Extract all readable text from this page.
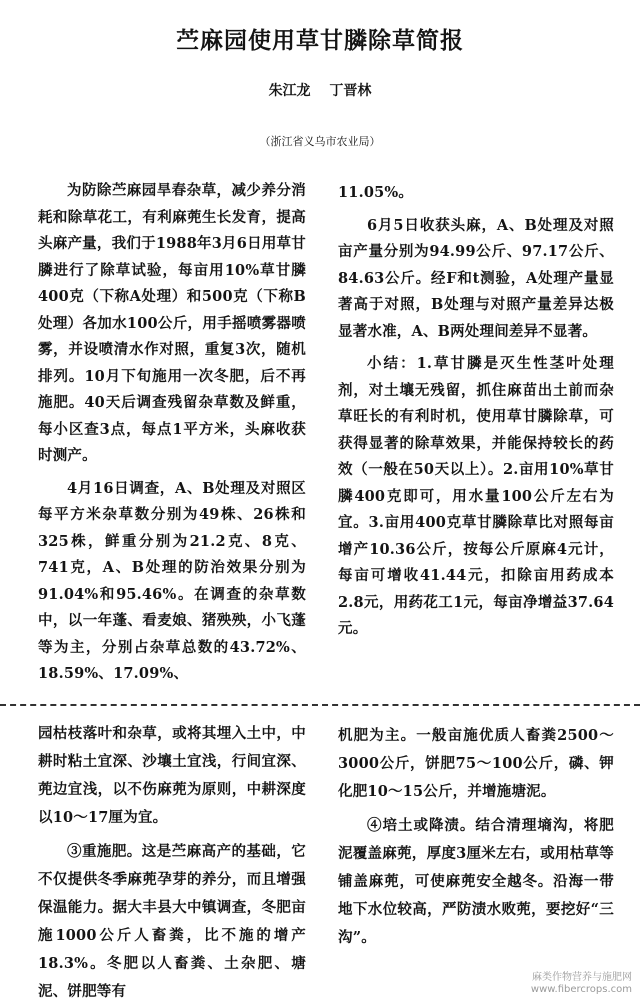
苎麻园使用草甘膦除草简报
朱江龙 丁晋林
（浙江省义乌市农业局）

为防除苎麻园旱春杂草，减少养分消耗和除草花工，有利麻蔸生长发育，提高头麻产量，我们于1988年3月6日用草甘膦进行了除草试验，每亩用10%草甘膦400克（下称A处理）和500克（下称B处理）各加水100公斤，用手摇喷雾器喷雾，并设喷清水作对照，重复3次，随机排列。10月下旬施用一次冬肥，后不再施肥。40天后调查残留杂草数及鲜重，每小区查3点，每点1平方米，头麻收获时测产。

4月16日调查，A、B处理及对照区每平方米杂草数分别为49株、26株和325株，鲜重分别为21.2克、8克、741克，A、B处理的防治效果分别为91.04%和95.46%。在调查的杂草数中，以一年蓬、看麦娘、猪殃殃，小飞蓬等为主，分别占杂草总数的43.72%、18.59%、17.09%、

11.05%。

6月5日收获头麻，A、B处理及对照亩产量分别为94.99公斤、97.17公斤、84.63公斤。经F和t测验，A处理产量显著高于对照，B处理与对照产量差异达极显著水准，A、B两处理间差异不显著。

小结：1.草甘膦是灭生性茎叶处理剂，对土壤无残留，抓住麻苗出土前而杂草旺长的有利时机，使用草甘膦除草，可获得显著的除草效果，并能保持较长的药效（一般在50天以上）。2.亩用10%草甘膦400克即可，用水量100公斤左右为宜。3.亩用400克草甘膦除草比对照每亩增产10.36公斤，按每公斤原麻4元计，每亩可增收41.44元，扣除亩用药成本2.8元，用药花工1元，每亩净增益37.64元。

园枯枝落叶和杂草，或将其埋入土中，中耕时粘土宜深、沙壤土宜浅，行间宜深、蔸边宜浅，以不伤麻蔸为原则，中耕深度以10～17厘为宜。

③重施肥。这是苎麻高产的基础，它不仅提供冬季麻蔸孕芽的养分，而且增强保温能力。据大丰县大中镇调查，冬肥亩施1000公斤人畜粪，比不施的增产18.3%。冬肥以人畜粪、土杂肥、塘泥、饼肥等有

机肥为主。一般亩施优质人畜粪2500～3000公斤，饼肥75～100公斤，磷、钾化肥10～15公斤，并增施塘泥。

④培土或降渍。结合清理墒沟，将肥泥覆盖麻蔸，厚度3厘米左右，或用枯草等铺盖麻蔸，可使麻蔸安全越冬。沿海一带地下水位较高，严防渍水败蔸，要挖好“三沟”。

麻类作物营养与施肥网
www.fibercrops.com
